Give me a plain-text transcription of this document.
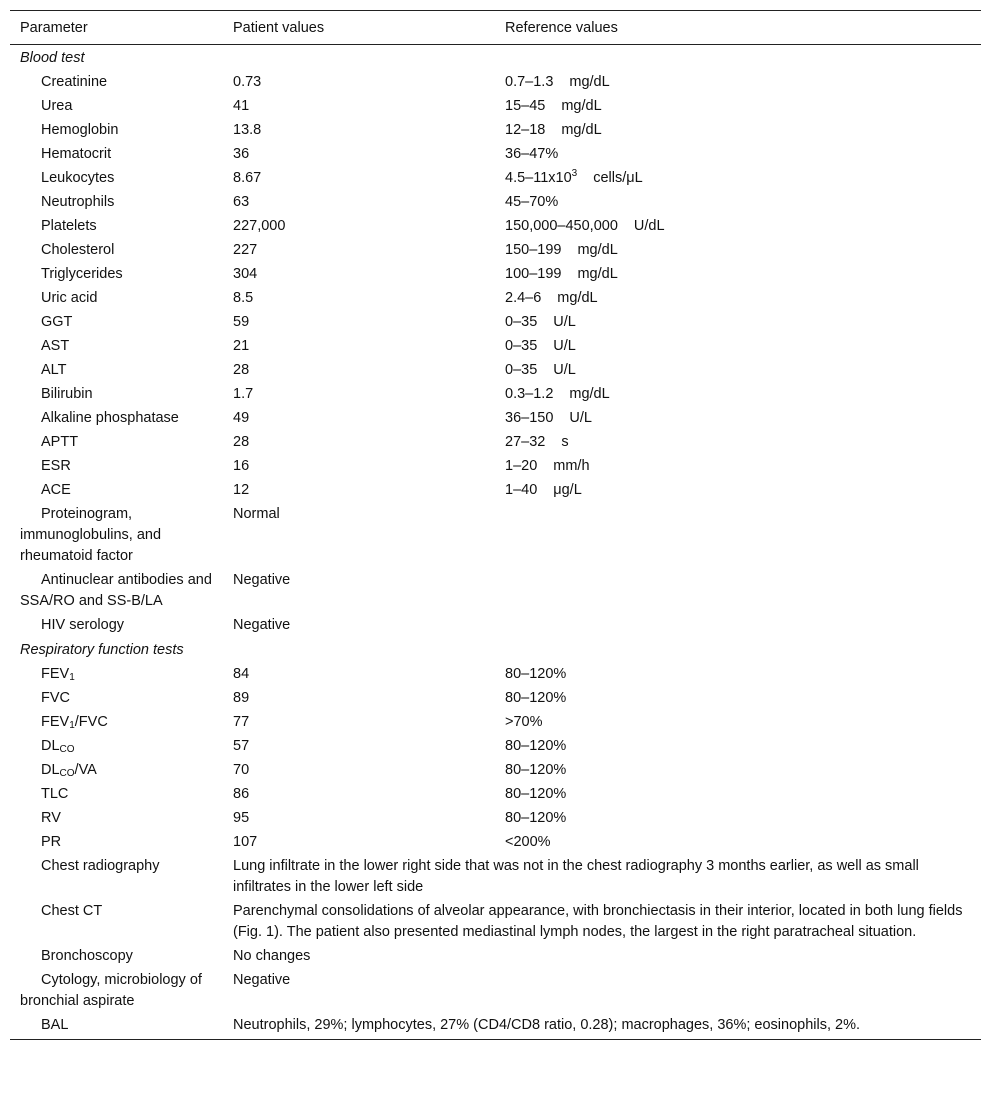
Parameter	Patient values	Reference values
Blood test		
Creatinine	0.73	0.7–1.3 mg/dL
Urea	41	15–45 mg/dL
Hemoglobin	13.8	12–18 mg/dL
Hematocrit	36	36–47%
Leukocytes	8.67	$4.5-11x10^3$ cells/μL
Neutrophils	63	45–70%
Platelets	227,000	150,000–450,000 U/dL
Cholesterol	227	150–199 mg/dL
Triglycerides	304	100–199 mg/dL
Uric acid	8.5	2.4–6 mg/dL
GGT	59	0–35 U/L
AST	21	0–35 U/L
ALT	28	0–35 U/L
Bilirubin	1.7	0.3–1.2 mg/dL
Alkaline phosphatase	49	36–150 U/L
APTT	28	27–32 s
ESR	16	1–20 mm/h
ACE	12	1–40 μg/L
Proteinogram, immunoglobulins, and rheumatoid factor	Normal	
Antinuclear antibodies and SSA/RO and SS-B/LA	Negative	
HIV serology	Negative	
Respiratory function tests		
$FEV_1$	84	80–120%
FVC	89	80–120%
$FEV_1$/FVC	77	>70%
$DL_{CO}$	57	80–120%
$DL_{CO}/VA$	70	80–120%
TLC	86	80–120%
RV	95	80–120%
PR	107	<200%
Chest radiography	Lung infiltrate in the lower right side that was not in the chest radiography 3 months earlier, as well as small infiltrates in the lower left side	
Chest CT	Parenchymal consolidations of alveolar appearance, with bronchiectasis in their interior, located in both lung fields (Fig. 1). The patient also presented mediastinal lymph nodes, the largest in the right paratracheal situation.	
Bronchoscopy	No changes	
Cytology, microbiology of bronchial aspirate	Negative	
BAL	Neutrophils, 29%; lymphocytes, 27% (CD4/CD8 ratio, 0.28); macrophages, 36%; eosinophils, 2%.	
